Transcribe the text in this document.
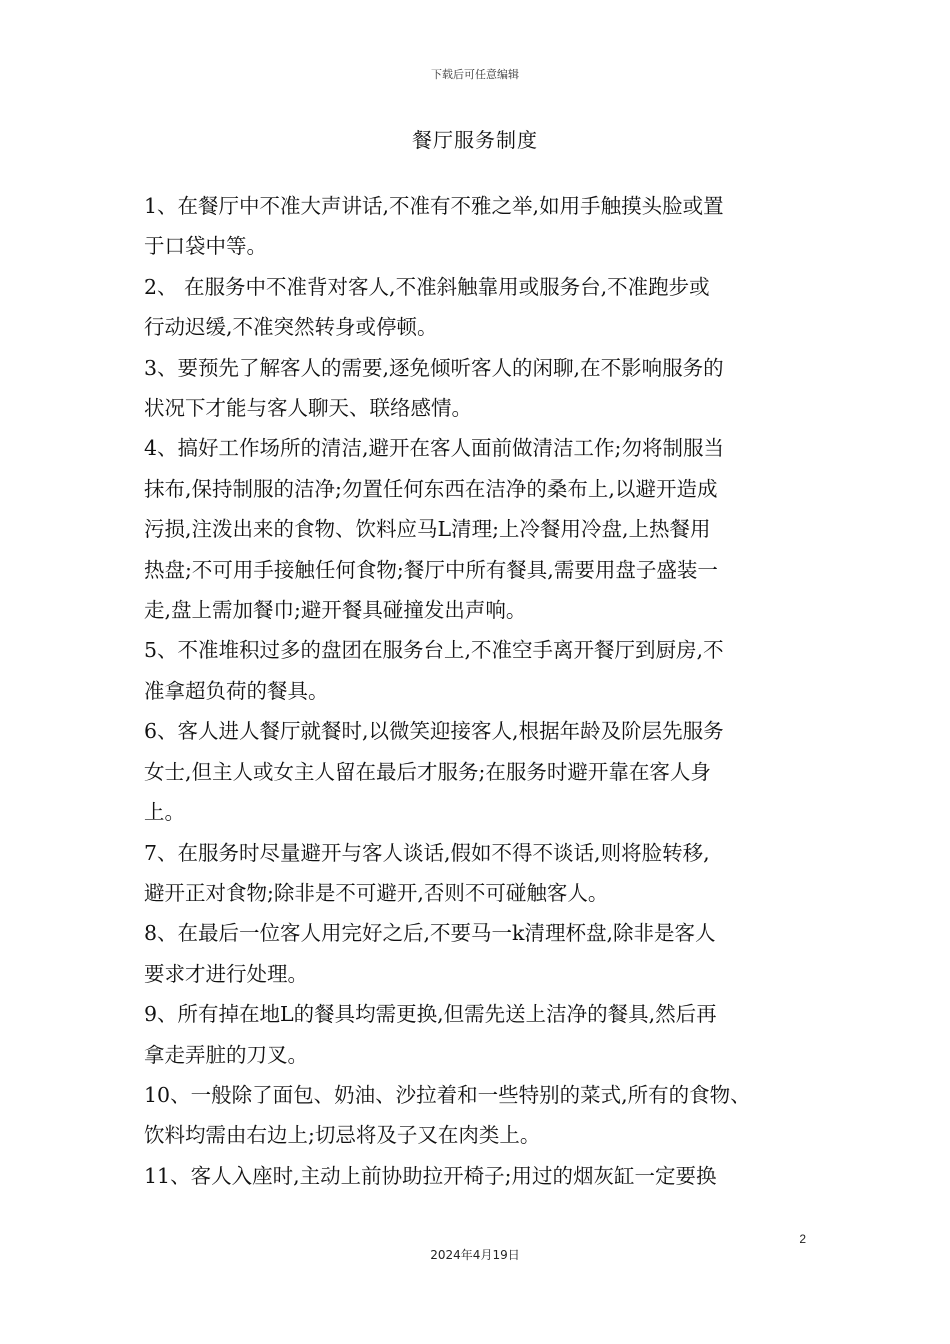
下载后可任意编辑
餐厅服务制度

1、在餐厅中不准大声讲话,不准有不雅之举,如用手触摸头脸或置

于口袋中等。

2、 在服务中不准背对客人,不准斜触靠用或服务台,不准跑步或

行动迟缓,不准突然转身或停顿。

3、要预先了解客人的需要,逐免倾听客人的闲聊,在不影响服务的

状况下才能与客人聊天、联络感情。

4、搞好工作场所的清洁,避开在客人面前做清洁工作;勿将制服当

抹布,保持制服的洁净;勿置任何东西在洁净的桑布上,以避开造成

污损,注泼出来的食物、饮料应马L清理;上冷餐用冷盘,上热餐用

热盘;不可用手接触任何食物;餐厅中所有餐具,需要用盘子盛装一

走,盘上需加餐巾;避开餐具碰撞发出声响。

5、不准堆积过多的盘团在服务台上,不准空手离开餐厅到厨房,不

准拿超负荷的餐具。

6、客人进人餐厅就餐时,以微笑迎接客人,根据年龄及阶层先服务

女士,但主人或女主人留在最后才服务;在服务时避开靠在客人身

上。

7、在服务时尽量避开与客人谈话,假如不得不谈话,则将脸转移,

避开正对食物;除非是不可避开,否则不可碰触客人。

8、在最后一位客人用完好之后,不要马一k清理杯盘,除非是客人

要求才进行处理。

9、所有掉在地L的餐具均需更换,但需先送上洁净的餐具,然后再

拿走弄脏的刀叉。

10、一般除了面包、奶油、沙拉着和一些特别的菜式,所有的食物、

饮料均需由右边上;切忌将及子又在肉类上。

11、客人入座时,主动上前协助拉开椅子;用过的烟灰缸一定要换

2
2024年4月19日
